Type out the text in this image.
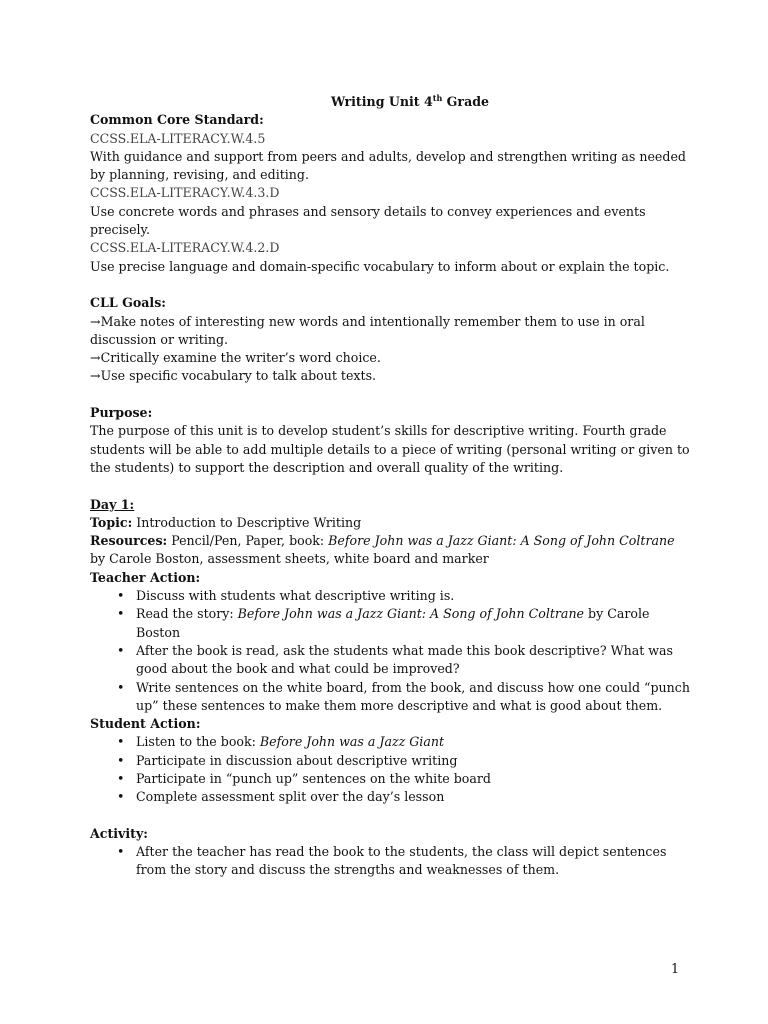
Writing Unit 4th Grade
Common Core Standard:
CCSS.ELA-LITERACY.W.4.5
With guidance and support from peers and adults, develop and strengthen writing as needed by planning, revising, and editing.
CCSS.ELA-LITERACY.W.4.3.D
Use concrete words and phrases and sensory details to convey experiences and events precisely.
CCSS.ELA-LITERACY.W.4.2.D
Use precise language and domain-specific vocabulary to inform about or explain the topic.
CLL Goals:
→ Make notes of interesting new words and intentionally remember them to use in oral discussion or writing.
→ Critically examine the writer’s word choice.
→ Use specific vocabulary to talk about texts.
Purpose:
The purpose of this unit is to develop student’s skills for descriptive writing. Fourth grade students will be able to add multiple details to a piece of writing (personal writing or given to the students) to support the description and overall quality of the writing.
Day 1:
Topic: Introduction to Descriptive Writing
Resources: Pencil/Pen, Paper, book: Before John was a Jazz Giant: A Song of John Coltrane by Carole Boston, assessment sheets, white board and marker
Teacher Action:
• Discuss with students what descriptive writing is.
• Read the story: Before John was a Jazz Giant: A Song of John Coltrane by Carole Boston
• After the book is read, ask the students what made this book descriptive? What was good about the book and what could be improved?
• Write sentences on the white board, from the book, and discuss how one could “punch up” these sentences to make them more descriptive and what is good about them.
Student Action:
• Listen to the book: Before John was a Jazz Giant
• Participate in discussion about descriptive writing
• Participate in “punch up” sentences on the white board
• Complete assessment split over the day’s lesson
Activity:
• After the teacher has read the book to the students, the class will depict sentences from the story and discuss the strengths and weaknesses of them.
1
